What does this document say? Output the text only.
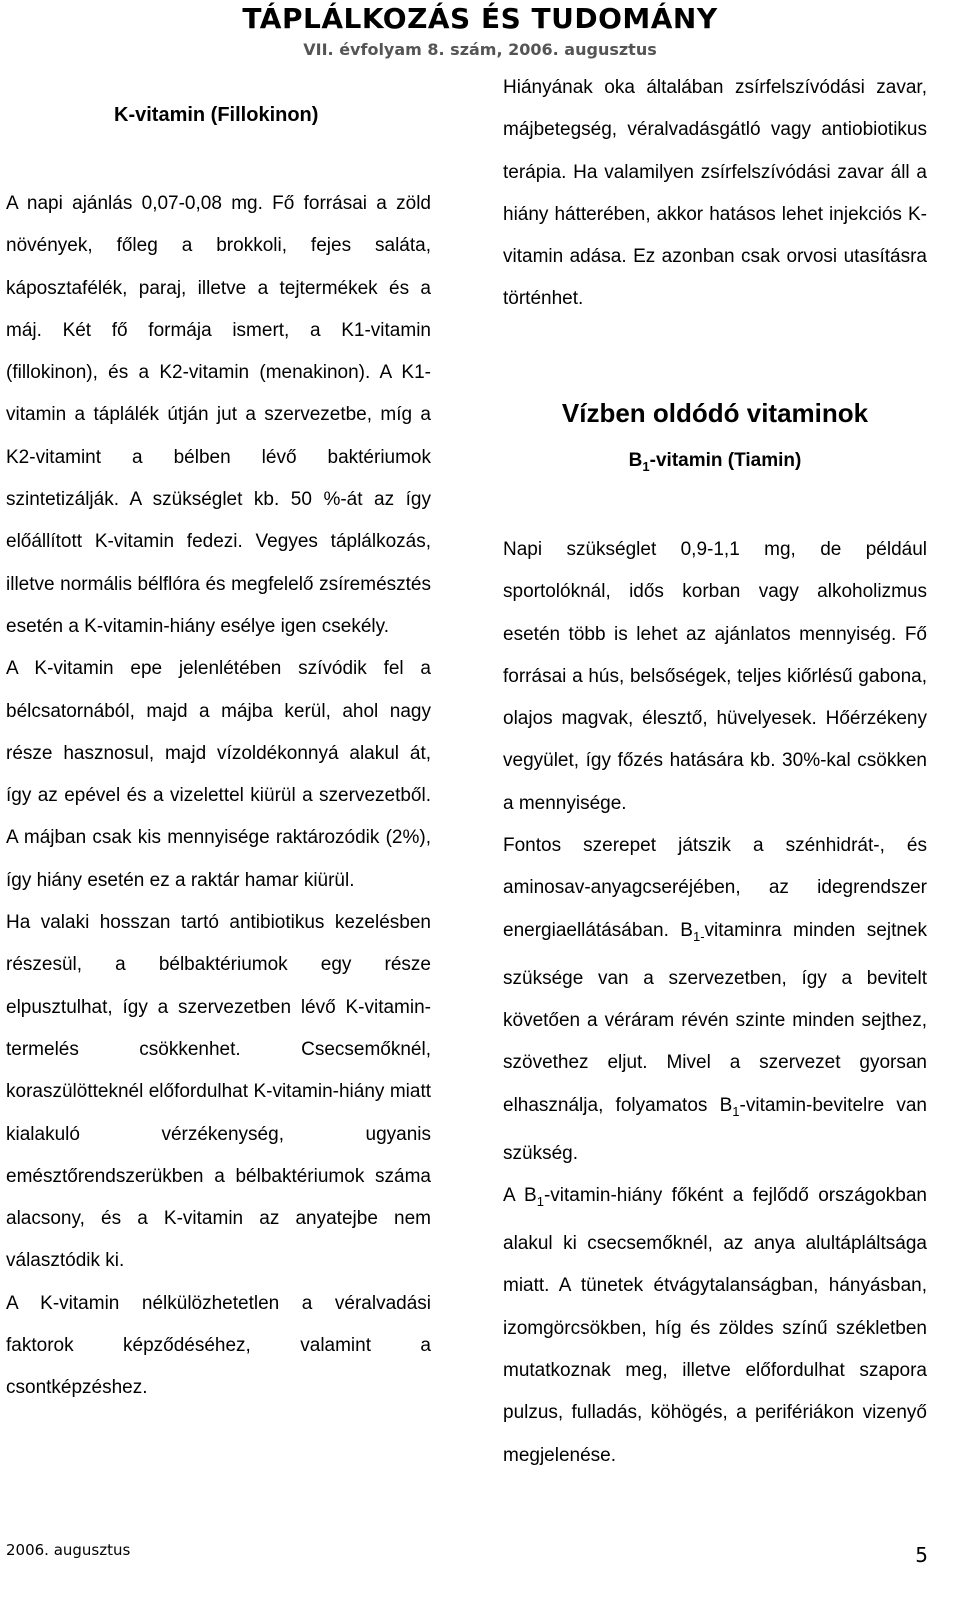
TÁPLÁLKOZÁS ÉS TUDOMÁNY
VII. évfolyam 8. szám, 2006. augusztus
K-vitamin (Fillokinon)

A napi ajánlás 0,07-0,08 mg. Fő forrásai a zöld növények, főleg a brokkoli, fejes saláta, káposztafélék, paraj, illetve a tejtermékek és a máj. Két fő formája ismert, a K1-vitamin (fillokinon), és a K2-vitamin (menakinon). A K1-vitamin a táplálék útján jut a szervezetbe, míg a K2-vitamint a bélben lévő baktériumok szintetizálják. A szükséglet kb. 50 %-át az így előállított K-vitamin fedezi. Vegyes táplálkozás, illetve normális bélflóra és megfelelő zsíremésztés esetén a K-vitamin-hiány esélye igen csekély.

A K-vitamin epe jelenlétében szívódik fel a bélcsatornából, majd a májba kerül, ahol nagy része hasznosul, majd vízoldékonnyá alakul át, így az epével és a vizelettel kiürül a szervezetből. A májban csak kis mennyisége raktározódik (2%), így hiány esetén ez a raktár hamar kiürül.

Ha valaki hosszan tartó antibiotikus kezelésben részesül, a bélbaktériumok egy része elpusztulhat, így a szervezetben lévő K-vitamin-termelés csökkenhet. Csecsemőknél, koraszülötteknél előfordulhat K-vitamin-hiány miatt kialakuló vérzékenység, ugyanis emésztőrendszerükben a bélbaktériumok száma alacsony, és a K-vitamin az anyatejbe nem választódik ki.

A K-vitamin nélkülözhetetlen a véralvadási faktorok képződéséhez, valamint a csontképzéshez.

Hiányának oka általában zsírfelszívódási zavar, májbetegség, véralvadásgátló vagy antiobiotikus terápia. Ha valamilyen zsírfelszívódási zavar áll a hiány hátterében, akkor hatásos lehet injekciós K-vitamin adása. Ez azonban csak orvosi utasításra történhet.

Vízben oldódó vitaminok
$B_1$-vitamin (Tiamin)

Napi szükséglet 0,9-1,1 mg, de például sportolóknál, idős korban vagy alkoholizmus esetén több is lehet az ajánlatos mennyiség. Fő forrásai a hús, belsőségek, teljes kiőrlésű gabona, olajos magvak, élesztő, hüvelyesek. Hőérzékeny vegyület, így főzés hatására kb. 30%-kal csökken a mennyisége.

Fontos szerepet játszik a szénhidrát-, és aminosav-anyagcseréjében, az idegrendszer energiaellátásában. $B_{1-}vitaminra$ minden sejtnek szüksége van a szervezetben, így a bevitelt követően a véráram révén szinte minden sejthez, szövethez eljut. Mivel a szervezet gyorsan elhasználja, folyamatos $B_1-vitamin$-bevitelre van szükség.

A $B_1-vitamin$-hiány főként a fejlődő országokban alakul ki csecsemőknél, az anya alultápláltsága miatt. A tünetek étvágytalanságban, hányásban, izomgörcsökben, híg és zöldes színű székletben mutatkoznak meg, illetve előfordulhat szapora pulzus, fulladás, köhögés, a perifériákon vizenyő megjelenése.

2006. augusztus	5
